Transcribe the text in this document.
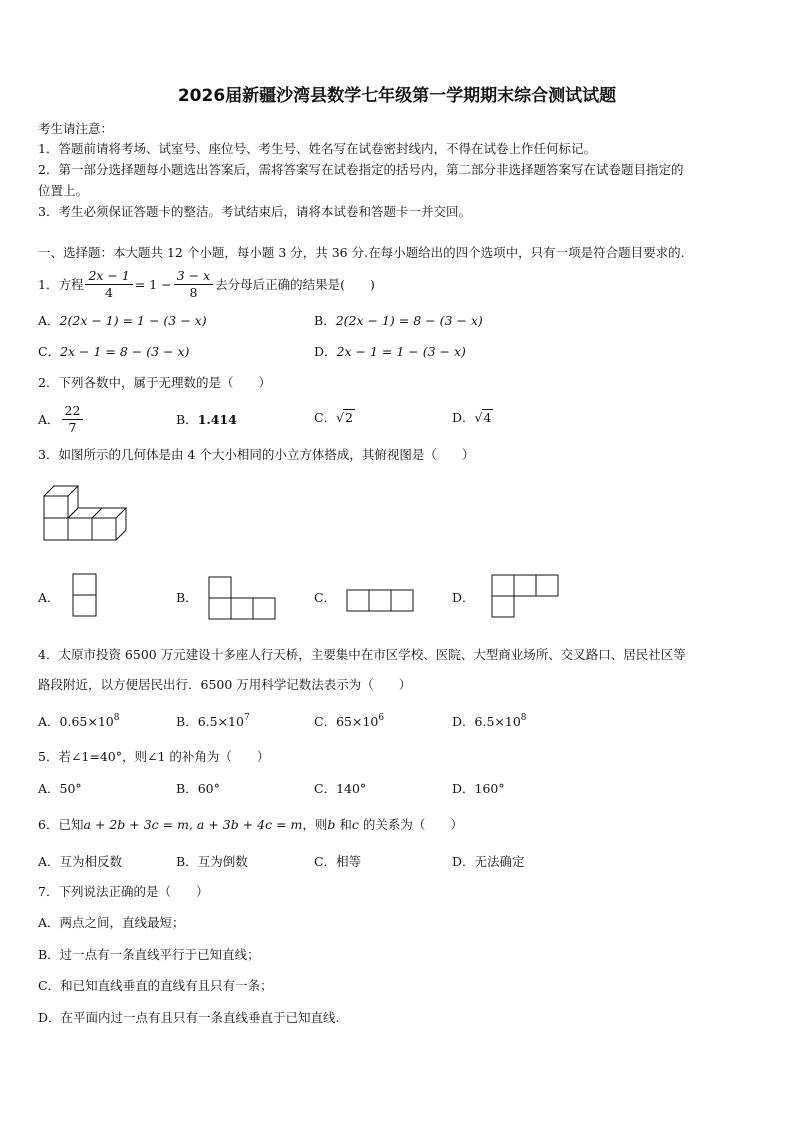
2026届新疆沙湾县数学七年级第一学期期末综合测试试题
考生请注意：
1．答题前请将考场、试室号、座位号、考生号、姓名写在试卷密封线内，不得在试卷上作任何标记。
2．第一部分选择题每小题选出答案后，需将答案写在试卷指定的括号内，第二部分非选择题答案写在试卷题目指定的
位置上。
3．考生必须保证答题卡的整洁。考试结束后，请将本试卷和答题卡一并交回。
一、选择题：本大题共 12 个小题，每小题 3 分，共 36 分.在每小题给出的四个选项中，只有一项是符合题目要求的.
1．方程 $\frac{2x - 1}{4} = 1 - \frac{3 - x}{8}$ 去分母后正确的结果是(　　)
A．2(2x − 1) = 1 − (3 − x)	B．2(2x − 1) = 8 − (3 − x)
C．2x − 1 = 8 − (3 − x)	D．2x − 1 = 1 − (3 − x)
2．下列各数中，属于无理数的是（　　）
A． $\frac{22}{7}$	B．1.414	C．√2	D．√4
3．如图所示的几何体是由 4 个大小相同的小立方体搭成，其俯视图是（　　）
A．	B．	C．	D．
4．太原市投资 6500 万元建设十多座人行天桥，主要集中在市区学校、医院、大型商业场所、交叉路口、居民社区等
路段附近，以方便居民出行．6500 万用科学记数法表示为（　　）
A．$0.65\times 10^8$	B．$6.5\times 10^7$	C．$65\times 10^6$	D．$6.5\times 10^8$
5．若∠1=40°，则∠1 的补角为（　　）
A．50°	B．60°	C．140°	D．160°
6．已知a + 2b + 3c = m, a + 3b + 4c = m，则b 和c 的关系为（　　）
A．互为相反数	B．互为倒数	C．相等	D．无法确定
7．下列说法正确的是（　　）
A．两点之间，直线最短；
B．过一点有一条直线平行于已知直线；
C．和已知直线垂直的直线有且只有一条；
D．在平面内过一点有且只有一条直线垂直于已知直线.
